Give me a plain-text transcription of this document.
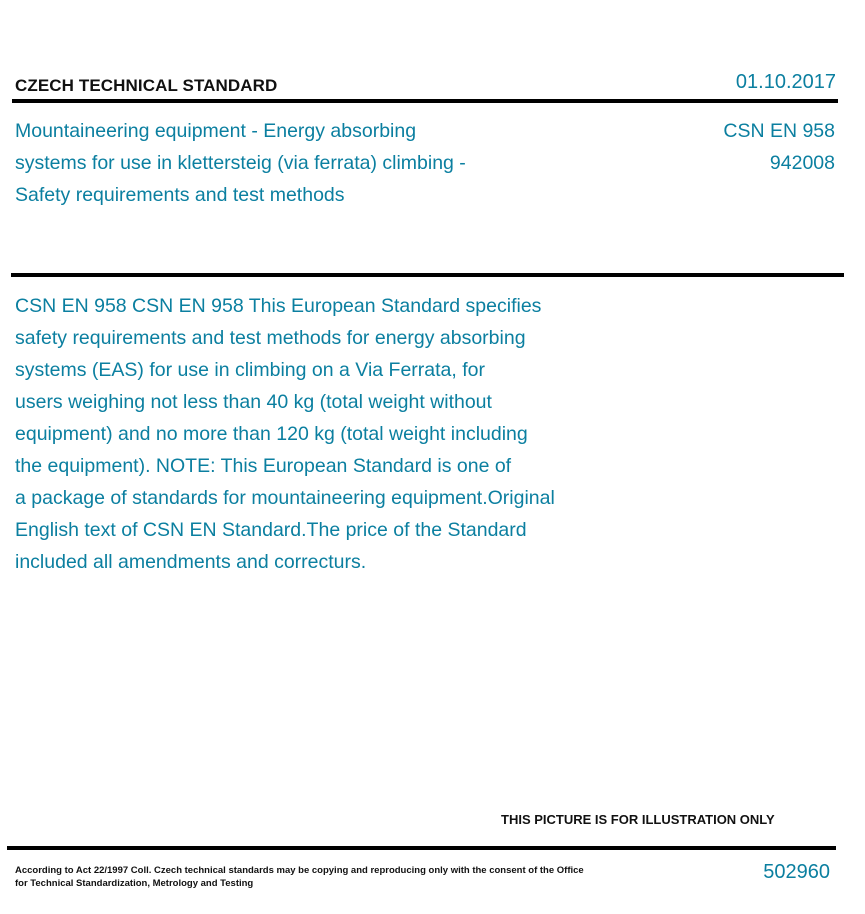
CZECH TECHNICAL STANDARD	01.10.2017
Mountaineering equipment - Energy absorbing systems for use in klettersteig (via ferrata) climbing - Safety requirements and test methods
CSN EN 958
942008
CSN EN 958 CSN EN 958 This European Standard specifies
safety requirements and test methods for energy absorbing
systems (EAS) for use in climbing on a Via Ferrata, for
users weighing not less than 40 kg (total weight without
equipment) and no more than 120 kg (total weight including
the equipment). NOTE: This European Standard is one of
a package of standards for mountaineering equipment.Original
English text of CSN EN Standard.The price of the Standard
included all amendments and correcturs.
THIS PICTURE IS FOR ILLUSTRATION ONLY
According to Act 22/1997 Coll. Czech technical standards may be copying and reproducing only with the consent of the Office for Technical Standardization, Metrology and Testing
502960
